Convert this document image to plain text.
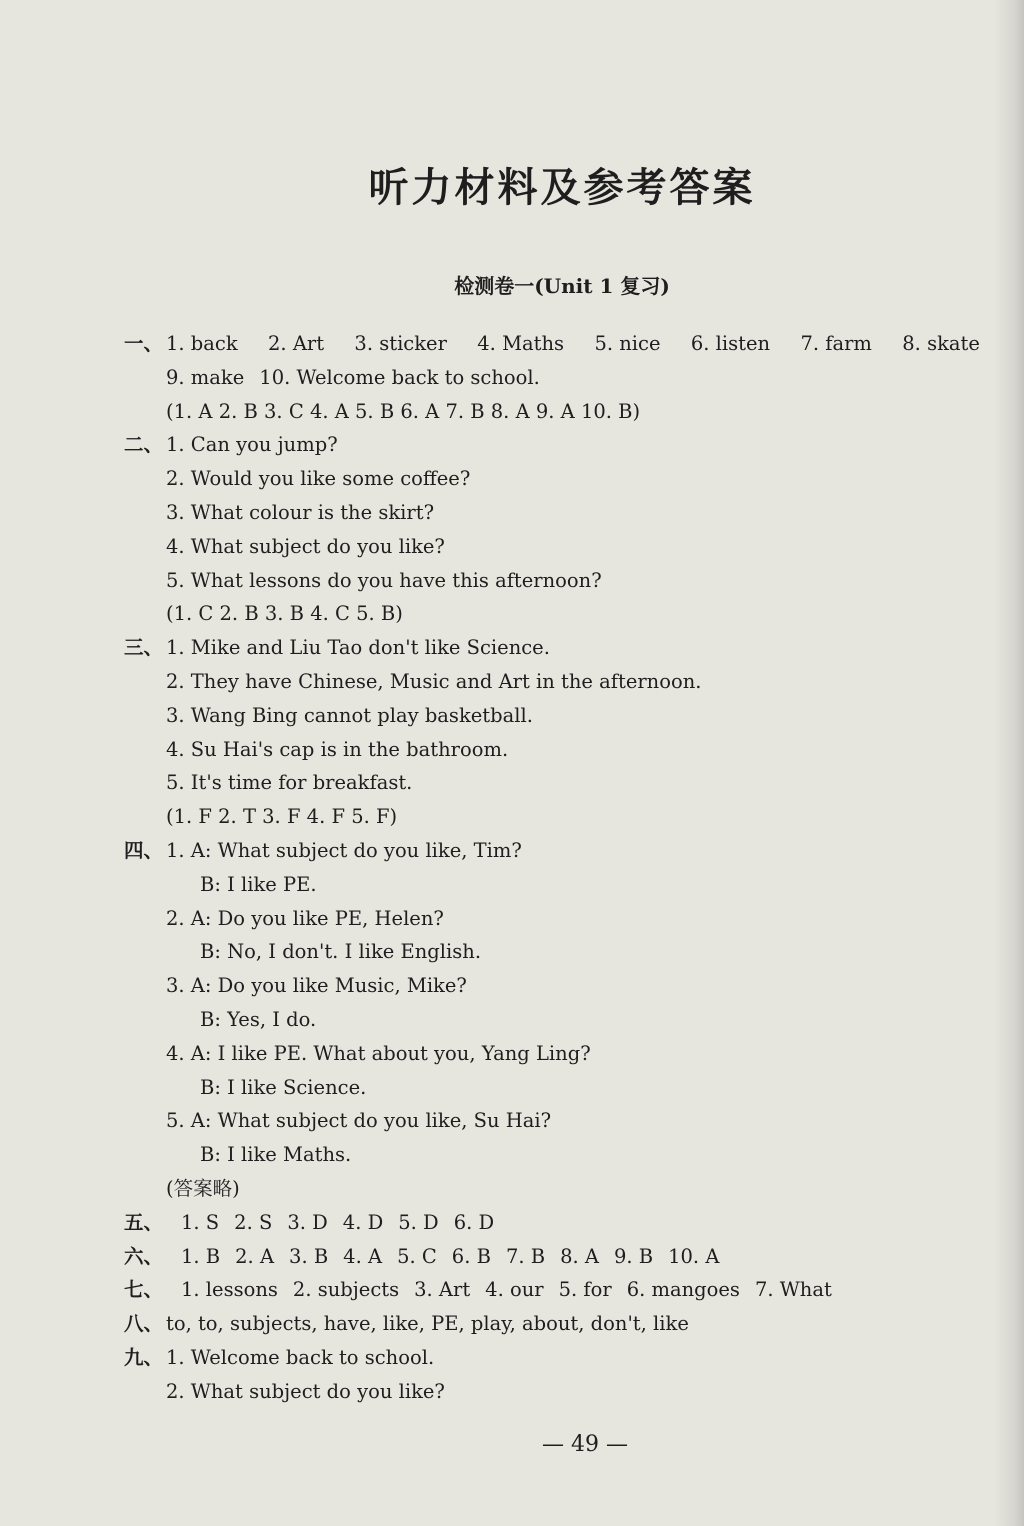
听力材料及参考答案
检测卷一(Unit 1 复习)
一、 1. back 2. Art 3. sticker 4. Maths 5. nice 6. listen 7. farm 8. skate
9. make 10. Welcome back to school.
(1. A 2. B 3. C 4. A 5. B 6. A 7. B 8. A 9. A 10. B)
二、 1. Can you jump?
2. Would you like some coffee?
3. What colour is the skirt?
4. What subject do you like?
5. What lessons do you have this afternoon?
(1. C 2. B 3. B 4. C 5. B)
三、 1. Mike and Liu Tao don't like Science.
2. They have Chinese, Music and Art in the afternoon.
3. Wang Bing cannot play basketball.
4. Su Hai's cap is in the bathroom.
5. It's time for breakfast.
(1. F 2. T 3. F 4. F 5. F)
四、 1. A: What subject do you like, Tim?
B: I like PE.
2. A: Do you like PE, Helen?
B: No, I don't. I like English.
3. A: Do you like Music, Mike?
B: Yes, I do.
4. A: I like PE. What about you, Yang Ling?
B: I like Science.
5. A: What subject do you like, Su Hai?
B: I like Maths.
(答案略)
五、 1. S 2. S 3. D 4. D 5. D 6. D
六、 1. B 2. A 3. B 4. A 5. C 6. B 7. B 8. A 9. B 10. A
七、 1. lessons 2. subjects 3. Art 4. our 5. for 6. mangoes 7. What
八、 to, to, subjects, have, like, PE, play, about, don't, like
九、 1. Welcome back to school.
2. What subject do you like?
— 49 —
